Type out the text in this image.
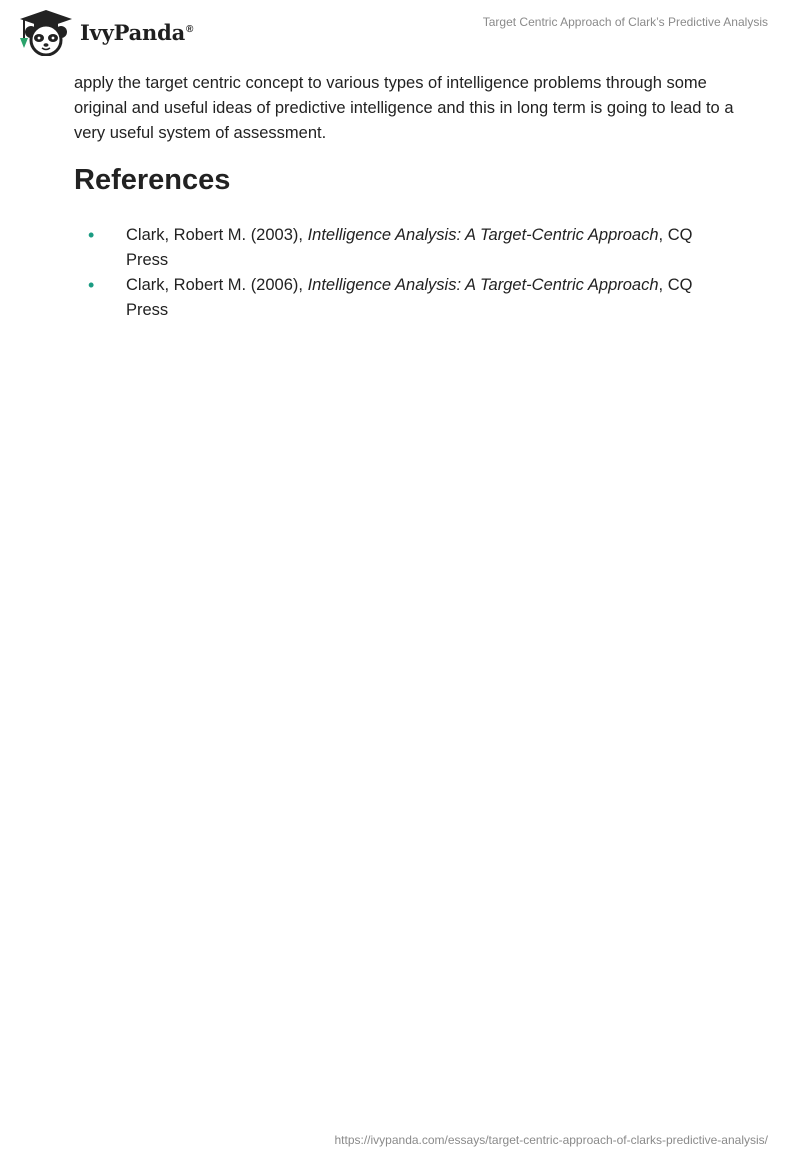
IvyPanda®	Target Centric Approach of Clark’s Predictive Analysis

apply the target centric concept to various types of intelligence problems through some original and useful ideas of predictive intelligence and this in long term is going to lead to a very useful system of assessment.

References
• Clark, Robert M. (2003), Intelligence Analysis: A Target-Centric Approach, CQ Press
• Clark, Robert M. (2006), Intelligence Analysis: A Target-Centric Approach, CQ Press
https://ivypanda.com/essays/target-centric-approach-of-clarks-predictive-analysis/
